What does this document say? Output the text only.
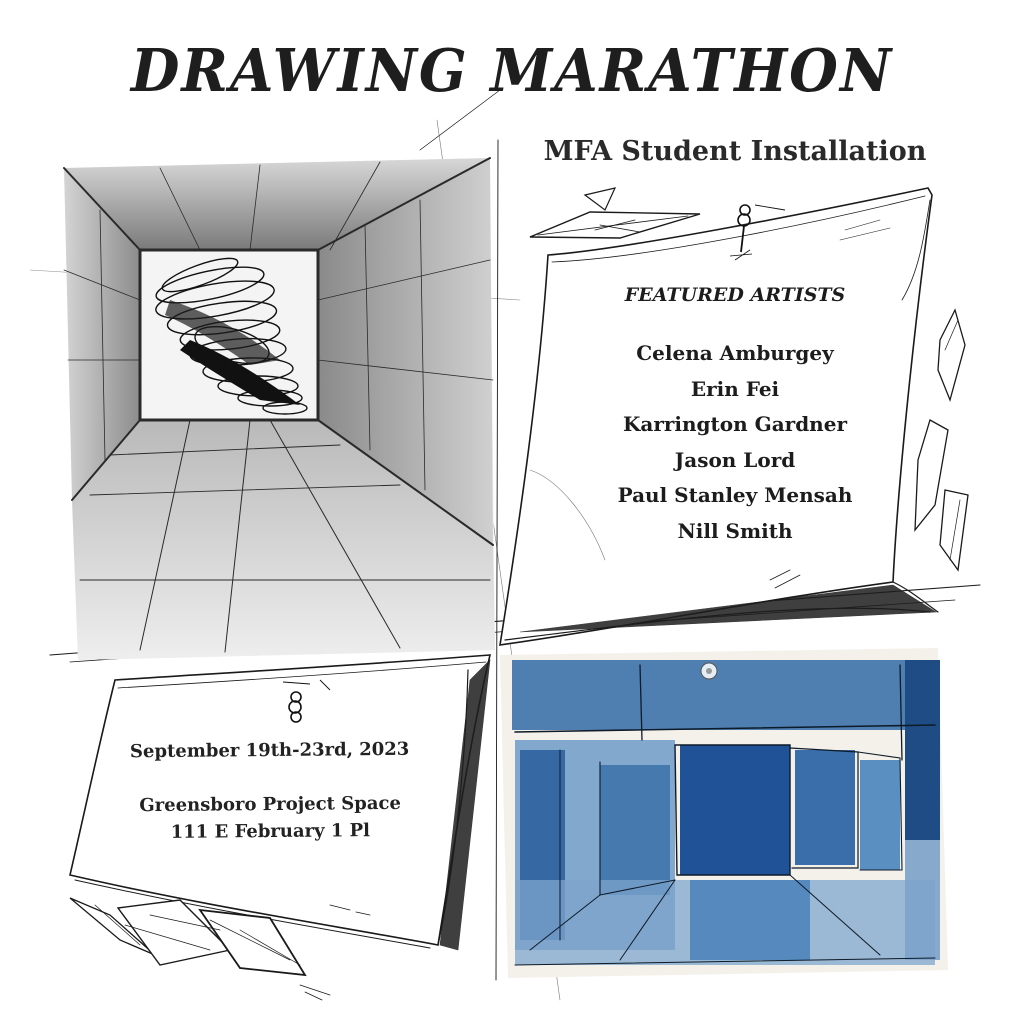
DRAWING MARATHON
MFA Student Installation
FEATURED ARTISTS
Celena Amburgey
Erin Fei
Karrington Gardner
Jason Lord
Paul Stanley Mensah
Nill Smith
September 19th-23rd, 2023
Greensboro Project Space
111 E February 1 Pl
